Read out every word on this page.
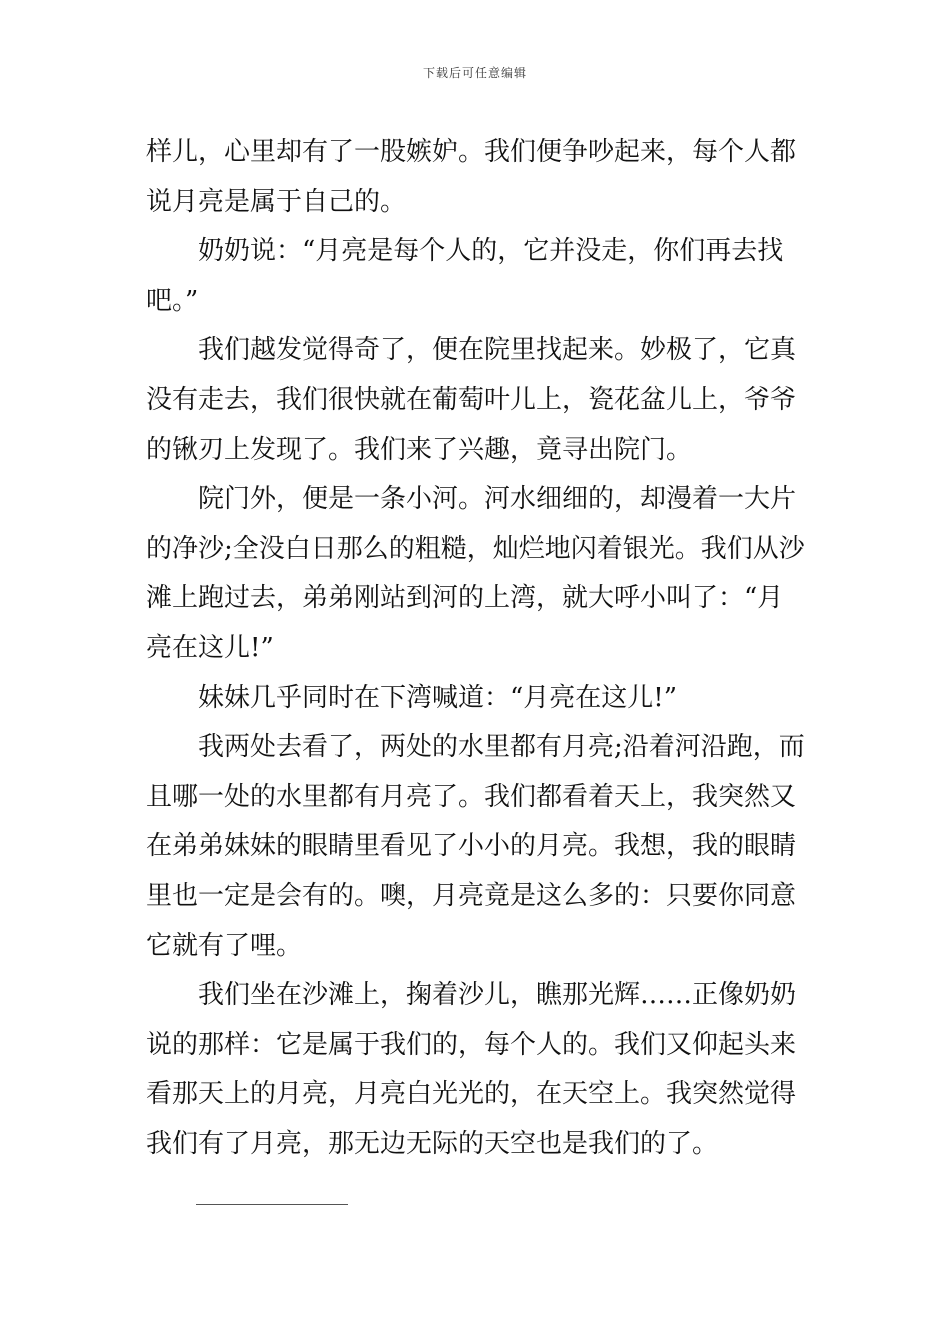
下载后可任意编辑
样儿，心里却有了一股嫉妒。我们便争吵起来，每个人都
说月亮是属于自己的。
奶奶说：“月亮是每个人的，它并没走，你们再去找
吧。”
我们越发觉得奇了，便在院里找起来。妙极了，它真
没有走去，我们很快就在葡萄叶儿上，瓷花盆儿上，爷爷
的锹刃上发现了。我们来了兴趣，竟寻出院门。
院门外，便是一条小河。河水细细的，却漫着一大片
的净沙;全没白日那么的粗糙，灿烂地闪着银光。我们从沙
滩上跑过去，弟弟刚站到河的上湾，就大呼小叫了：“月
亮在这儿!”
妹妹几乎同时在下湾喊道：“月亮在这儿!”
我两处去看了，两处的水里都有月亮;沿着河沿跑，而
且哪一处的水里都有月亮了。我们都看着天上，我突然又
在弟弟妹妹的眼睛里看见了小小的月亮。我想，我的眼睛
里也一定是会有的。噢，月亮竟是这么多的：只要你同意
它就有了哩。
我们坐在沙滩上，掬着沙儿，瞧那光辉……正像奶奶
说的那样：它是属于我们的，每个人的。我们又仰起头来
看那天上的月亮，月亮白光光的，在天空上。我突然觉得
我们有了月亮，那无边无际的天空也是我们的了。
